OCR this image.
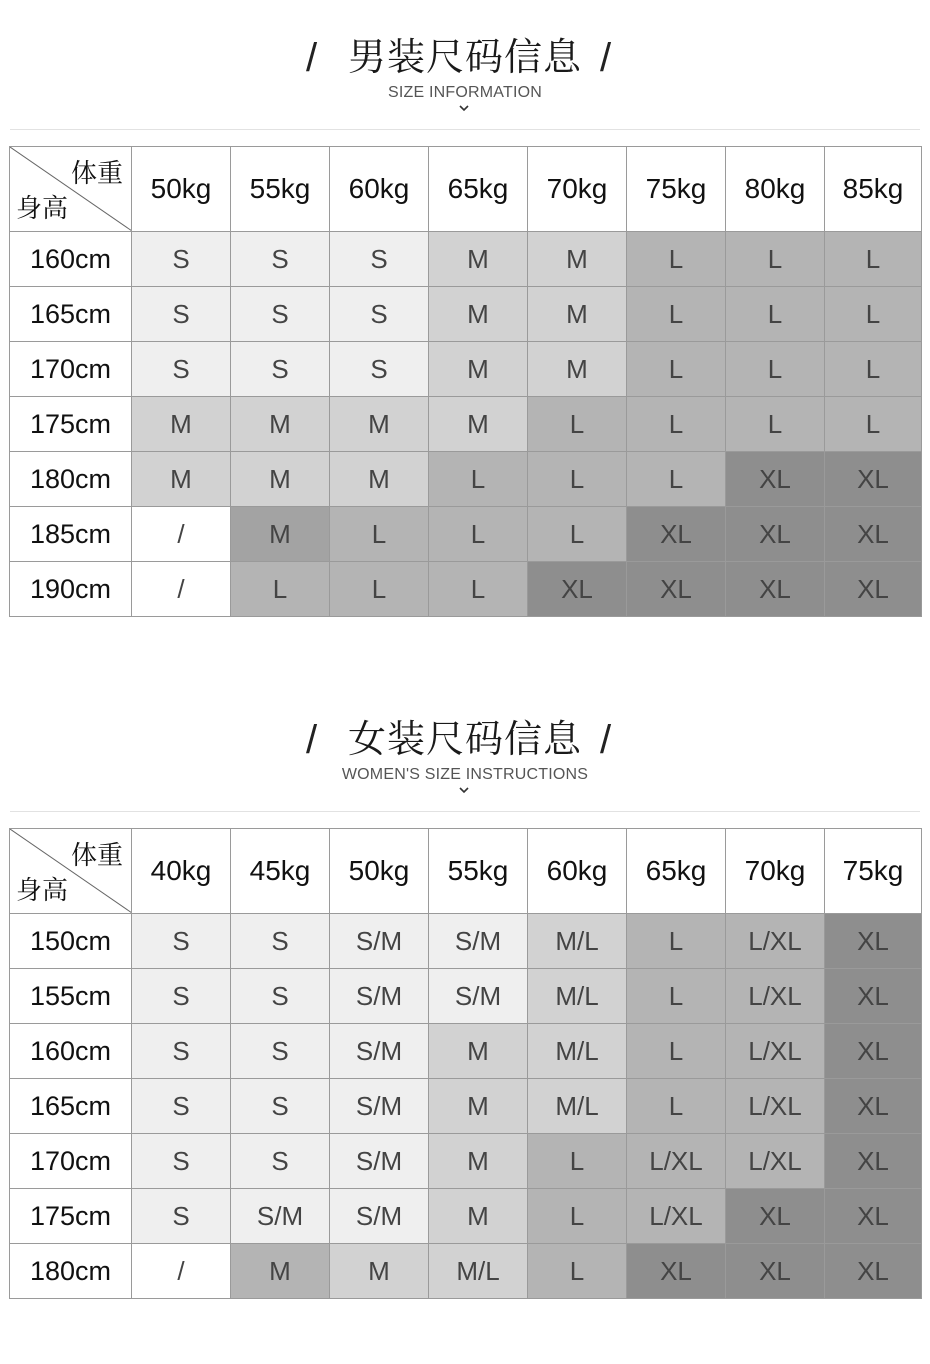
/ 男装尺码信息 /
SIZE INFORMATION
体重
身高	50kg	55kg	60kg	65kg	70kg	75kg	80kg	85kg
160cm	S	S	S	M	M	L	L	L
165cm	S	S	S	M	M	L	L	L
170cm	S	S	S	M	M	L	L	L
175cm	M	M	M	M	L	L	L	L
180cm	M	M	M	L	L	L	XL	XL
185cm	/	M	L	L	L	XL	XL	XL
190cm	/	L	L	L	XL	XL	XL	XL
/ 女装尺码信息 /
WOMEN'S SIZE INSTRUCTIONS
体重
身高	40kg	45kg	50kg	55kg	60kg	65kg	70kg	75kg
150cm	S	S	S/M	S/M	M/L	L	L/XL	XL
155cm	S	S	S/M	S/M	M/L	L	L/XL	XL
160cm	S	S	S/M	M	M/L	L	L/XL	XL
165cm	S	S	S/M	M	M/L	L	L/XL	XL
170cm	S	S	S/M	M	L	L/XL	L/XL	XL
175cm	S	S/M	S/M	M	L	L/XL	XL	XL
180cm	/	M	M	M/L	L	XL	XL	XL
